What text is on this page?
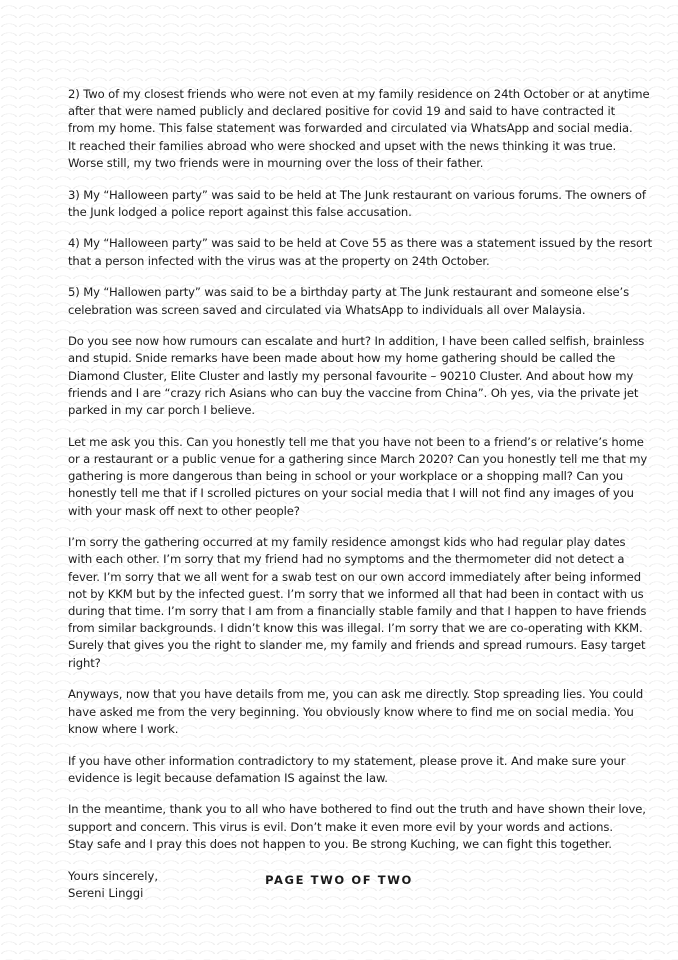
2) Two of my closest friends who were not even at my family residence on 24th October or at anytime
after that were named publicly and declared positive for covid 19 and said to have contracted it
from my home. This false statement was forwarded and circulated via WhatsApp and social media.
It reached their families abroad who were shocked and upset with the news thinking it was true.
Worse still, my two friends were in mourning over the loss of their father.

3) My “Halloween party” was said to be held at The Junk restaurant on various forums. The owners of
the Junk lodged a police report against this false accusation.

4) My “Halloween party” was said to be held at Cove 55 as there was a statement issued by the resort
that a person infected with the virus was at the property on 24th October.

5) My “Hallowen party” was said to be a birthday party at The Junk restaurant and someone else’s
celebration was screen saved and circulated via WhatsApp to individuals all over Malaysia.

Do you see now how rumours can escalate and hurt? In addition, I have been called selfish, brainless
and stupid. Snide remarks have been made about how my home gathering should be called the
Diamond Cluster, Elite Cluster and lastly my personal favourite – 90210 Cluster. And about how my
friends and I are “crazy rich Asians who can buy the vaccine from China”. Oh yes, via the private jet
parked in my car porch I believe.

Let me ask you this. Can you honestly tell me that you have not been to a friend’s or relative’s home
or a restaurant or a public venue for a gathering since March 2020? Can you honestly tell me that my
gathering is more dangerous than being in school or your workplace or a shopping mall? Can you
honestly tell me that if I scrolled pictures on your social media that I will not find any images of you
with your mask off next to other people?

I’m sorry the gathering occurred at my family residence amongst kids who had regular play dates
with each other. I’m sorry that my friend had no symptoms and the thermometer did not detect a
fever. I’m sorry that we all went for a swab test on our own accord immediately after being informed
not by KKM but by the infected guest. I’m sorry that we informed all that had been in contact with us
during that time. I’m sorry that I am from a financially stable family and that I happen to have friends
from similar backgrounds. I didn’t know this was illegal. I’m sorry that we are co-operating with KKM.
Surely that gives you the right to slander me, my family and friends and spread rumours. Easy target
right?

Anyways, now that you have details from me, you can ask me directly. Stop spreading lies. You could
have asked me from the very beginning. You obviously know where to find me on social media. You
know where I work.

If you have other information contradictory to my statement, please prove it. And make sure your
evidence is legit because defamation IS against the law.

In the meantime, thank you to all who have bothered to find out the truth and have shown their love,
support and concern. This virus is evil. Don’t make it even more evil by your words and actions.
Stay safe and I pray this does not happen to you. Be strong Kuching, we can fight this together.

Yours sincerely,
Sereni Linggi
PAGE TWO OF TWO
